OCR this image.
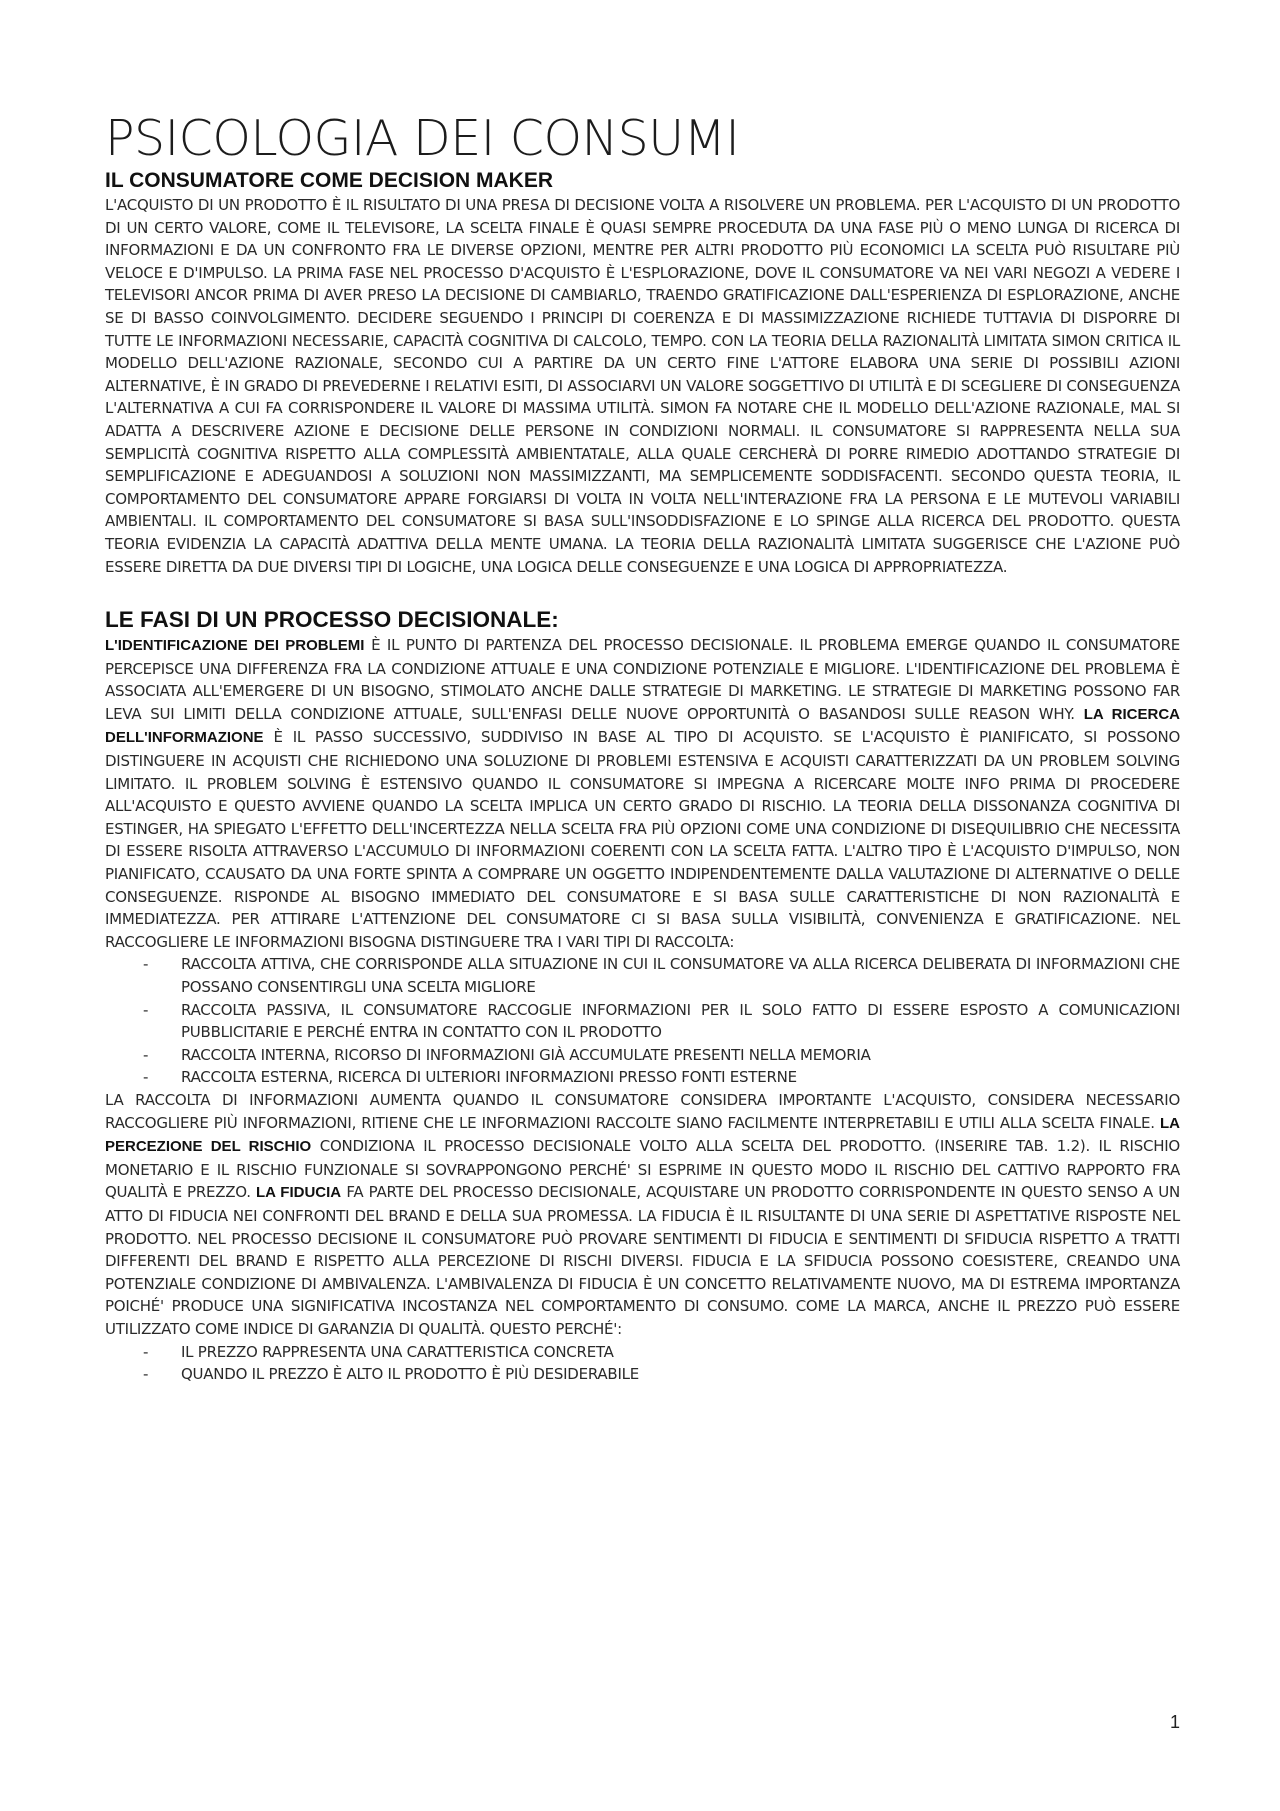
PSICOLOGIA DEI CONSUMI
IL CONSUMATORE COME DECISION MAKER

L'ACQUISTO DI UN PRODOTTO È IL RISULTATO DI UNA PRESA DI DECISIONE VOLTA A RISOLVERE UN PROBLEMA. PER L'ACQUISTO DI UN PRODOTTO DI UN CERTO VALORE, COME IL TELEVISORE, LA SCELTA FINALE È QUASI SEMPRE PROCEDUTA DA UNA FASE PIÙ O MENO LUNGA DI RICERCA DI INFORMAZIONI E DA UN CONFRONTO FRA LE DIVERSE OPZIONI, MENTRE PER ALTRI PRODOTTO PIÙ ECONOMICI LA SCELTA PUÒ RISULTARE PIÙ VELOCE E D'IMPULSO. LA PRIMA FASE NEL PROCESSO D'ACQUISTO È L'ESPLORAZIONE, DOVE IL CONSUMATORE VA NEI VARI NEGOZI A VEDERE I TELEVISORI ANCOR PRIMA DI AVER PRESO LA DECISIONE DI CAMBIARLO, TRAENDO GRATIFICAZIONE DALL'ESPERIENZA DI ESPLORAZIONE, ANCHE SE DI BASSO COINVOLGIMENTO. DECIDERE SEGUENDO I PRINCIPI DI COERENZA E DI MASSIMIZZAZIONE RICHIEDE TUTTAVIA DI DISPORRE DI TUTTE LE INFORMAZIONI NECESSARIE, CAPACITÀ COGNITIVA DI CALCOLO, TEMPO. CON LA TEORIA DELLA RAZIONALITÀ LIMITATA SIMON CRITICA IL MODELLO DELL'AZIONE RAZIONALE, SECONDO CUI A PARTIRE DA UN CERTO FINE L'ATTORE ELABORA UNA SERIE DI POSSIBILI AZIONI ALTERNATIVE, È IN GRADO DI PREVEDERNE I RELATIVI ESITI, DI ASSOCIARVI UN VALORE SOGGETTIVO DI UTILITÀ E DI SCEGLIERE DI CONSEGUENZA L'ALTERNATIVA A CUI FA CORRISPONDERE IL VALORE DI MASSIMA UTILITÀ. SIMON FA NOTARE CHE IL MODELLO DELL'AZIONE RAZIONALE, MAL SI ADATTA A DESCRIVERE AZIONE E DECISIONE DELLE PERSONE IN CONDIZIONI NORMALI. IL CONSUMATORE SI RAPPRESENTA NELLA SUA SEMPLICITÀ COGNITIVA RISPETTO ALLA COMPLESSITÀ AMBIENTATALE, ALLA QUALE CERCHERÀ DI PORRE RIMEDIO ADOTTANDO STRATEGIE DI SEMPLIFICAZIONE E ADEGUANDOSI A SOLUZIONI NON MASSIMIZZANTI, MA SEMPLICEMENTE SODDISFACENTI. SECONDO QUESTA TEORIA, IL COMPORTAMENTO DEL CONSUMATORE APPARE FORGIARSI DI VOLTA IN VOLTA NELL'INTERAZIONE FRA LA PERSONA E LE MUTEVOLI VARIABILI AMBIENTALI. IL COMPORTAMENTO DEL CONSUMATORE SI BASA SULL'INSODDISFAZIONE E LO SPINGE ALLA RICERCA DEL PRODOTTO. QUESTA TEORIA EVIDENZIA LA CAPACITÀ ADATTIVA DELLA MENTE UMANA. LA TEORIA DELLA RAZIONALITÀ LIMITATA SUGGERISCE CHE L'AZIONE PUÒ ESSERE DIRETTA DA DUE DIVERSI TIPI DI LOGICHE, UNA LOGICA DELLE CONSEGUENZE E UNA LOGICA DI APPROPRIATEZZA.

LE FASI DI UN PROCESSO DECISIONALE:

L'IDENTIFICAZIONE DEI PROBLEMI È IL PUNTO DI PARTENZA DEL PROCESSO DECISIONALE. IL PROBLEMA EMERGE QUANDO IL CONSUMATORE PERCEPISCE UNA DIFFERENZA FRA LA CONDIZIONE ATTUALE E UNA CONDIZIONE POTENZIALE E MIGLIORE. L'IDENTIFICAZIONE DEL PROBLEMA È ASSOCIATA ALL'EMERGERE DI UN BISOGNO, STIMOLATO ANCHE DALLE STRATEGIE DI MARKETING. LE STRATEGIE DI MARKETING POSSONO FAR LEVA SUI LIMITI DELLA CONDIZIONE ATTUALE, SULL'ENFASI DELLE NUOVE OPPORTUNITÀ O BASANDOSI SULLE REASON WHY. LA RICERCA DELL'INFORMAZIONE È IL PASSO SUCCESSIVO, SUDDIVISO IN BASE AL TIPO DI ACQUISTO. SE L'ACQUISTO È PIANIFICATO, SI POSSONO DISTINGUERE IN ACQUISTI CHE RICHIEDONO UNA SOLUZIONE DI PROBLEMI ESTENSIVA E ACQUISTI CARATTERIZZATI DA UN PROBLEM SOLVING LIMITATO. IL PROBLEM SOLVING È ESTENSIVO QUANDO IL CONSUMATORE SI IMPEGNA A RICERCARE MOLTE INFO PRIMA DI PROCEDERE ALL'ACQUISTO E QUESTO AVVIENE QUANDO LA SCELTA IMPLICA UN CERTO GRADO DI RISCHIO. LA TEORIA DELLA DISSONANZA COGNITIVA DI ESTINGER, HA SPIEGATO L'EFFETTO DELL'INCERTEZZA NELLA SCELTA FRA PIÙ OPZIONI COME UNA CONDIZIONE DI DISEQUILIBRIO CHE NECESSITA DI ESSERE RISOLTA ATTRAVERSO L'ACCUMULO DI INFORMAZIONI COERENTI CON LA SCELTA FATTA. L'ALTRO TIPO È L'ACQUISTO D'IMPULSO, NON PIANIFICATO, CCAUSATO DA UNA FORTE SPINTA A COMPRARE UN OGGETTO INDIPENDENTEMENTE DALLA VALUTAZIONE DI ALTERNATIVE O DELLE CONSEGUENZE. RISPONDE AL BISOGNO IMMEDIATO DEL CONSUMATORE E SI BASA SULLE CARATTERISTICHE DI NON RAZIONALITÀ E IMMEDIATEZZA. PER ATTIRARE L'ATTENZIONE DEL CONSUMATORE CI SI BASA SULLA VISIBILITÀ, CONVENIENZA E GRATIFICAZIONE. NEL RACCOGLIERE LE INFORMAZIONI BISOGNA DISTINGUERE TRA I VARI TIPI DI RACCOLTA:

- RACCOLTA ATTIVA, CHE CORRISPONDE ALLA SITUAZIONE IN CUI IL CONSUMATORE VA ALLA RICERCA DELIBERATA DI INFORMAZIONI CHE POSSANO CONSENTIRGLI UNA SCELTA MIGLIORE
- RACCOLTA PASSIVA, IL CONSUMATORE RACCOGLIE INFORMAZIONI PER IL SOLO FATTO DI ESSERE ESPOSTO A COMUNICAZIONI PUBBLICITARIE E PERCHÉ ENTRA IN CONTATTO CON IL PRODOTTO
- RACCOLTA INTERNA, RICORSO DI INFORMAZIONI GIÀ ACCUMULATE PRESENTI NELLA MEMORIA
- RACCOLTA ESTERNA, RICERCA DI ULTERIORI INFORMAZIONI PRESSO FONTI ESTERNE

LA RACCOLTA DI INFORMAZIONI AUMENTA QUANDO IL CONSUMATORE CONSIDERA IMPORTANTE L'ACQUISTO, CONSIDERA NECESSARIO RACCOGLIERE PIÙ INFORMAZIONI, RITIENE CHE LE INFORMAZIONI RACCOLTE SIANO FACILMENTE INTERPRETABILI E UTILI ALLA SCELTA FINALE. LA PERCEZIONE DEL RISCHIO CONDIZIONA IL PROCESSO DECISIONALE VOLTO ALLA SCELTA DEL PRODOTTO. (INSERIRE TAB. 1.2). IL RISCHIO MONETARIO E IL RISCHIO FUNZIONALE SI SOVRAPPONGONO PERCHÉ' SI ESPRIME IN QUESTO MODO IL RISCHIO DEL CATTIVO RAPPORTO FRA QUALITÀ E PREZZO. LA FIDUCIA FA PARTE DEL PROCESSO DECISIONALE, ACQUISTARE UN PRODOTTO CORRISPONDENTE IN QUESTO SENSO A UN ATTO DI FIDUCIA NEI CONFRONTI DEL BRAND E DELLA SUA PROMESSA. LA FIDUCIA È IL RISULTANTE DI UNA SERIE DI ASPETTATIVE RISPOSTE NEL PRODOTTO. NEL PROCESSO DECISIONE IL CONSUMATORE PUÒ PROVARE SENTIMENTI DI FIDUCIA E SENTIMENTI DI SFIDUCIA RISPETTO A TRATTI DIFFERENTI DEL BRAND E RISPETTO ALLA PERCEZIONE DI RISCHI DIVERSI. FIDUCIA E LA SFIDUCIA POSSONO COESISTERE, CREANDO UNA POTENZIALE CONDIZIONE DI AMBIVALENZA. L'AMBIVALENZA DI FIDUCIA È UN CONCETTO RELATIVAMENTE NUOVO, MA DI ESTREMA IMPORTANZA POICHÉ' PRODUCE UNA SIGNIFICATIVA INCOSTANZA NEL COMPORTAMENTO DI CONSUMO. COME LA MARCA, ANCHE IL PREZZO PUÒ ESSERE UTILIZZATO COME INDICE DI GARANZIA DI QUALITÀ. QUESTO PERCHÉ':

- IL PREZZO RAPPRESENTA UNA CARATTERISTICA CONCRETA
- QUANDO IL PREZZO È ALTO IL PRODOTTO È PIÙ DESIDERABILE
1
